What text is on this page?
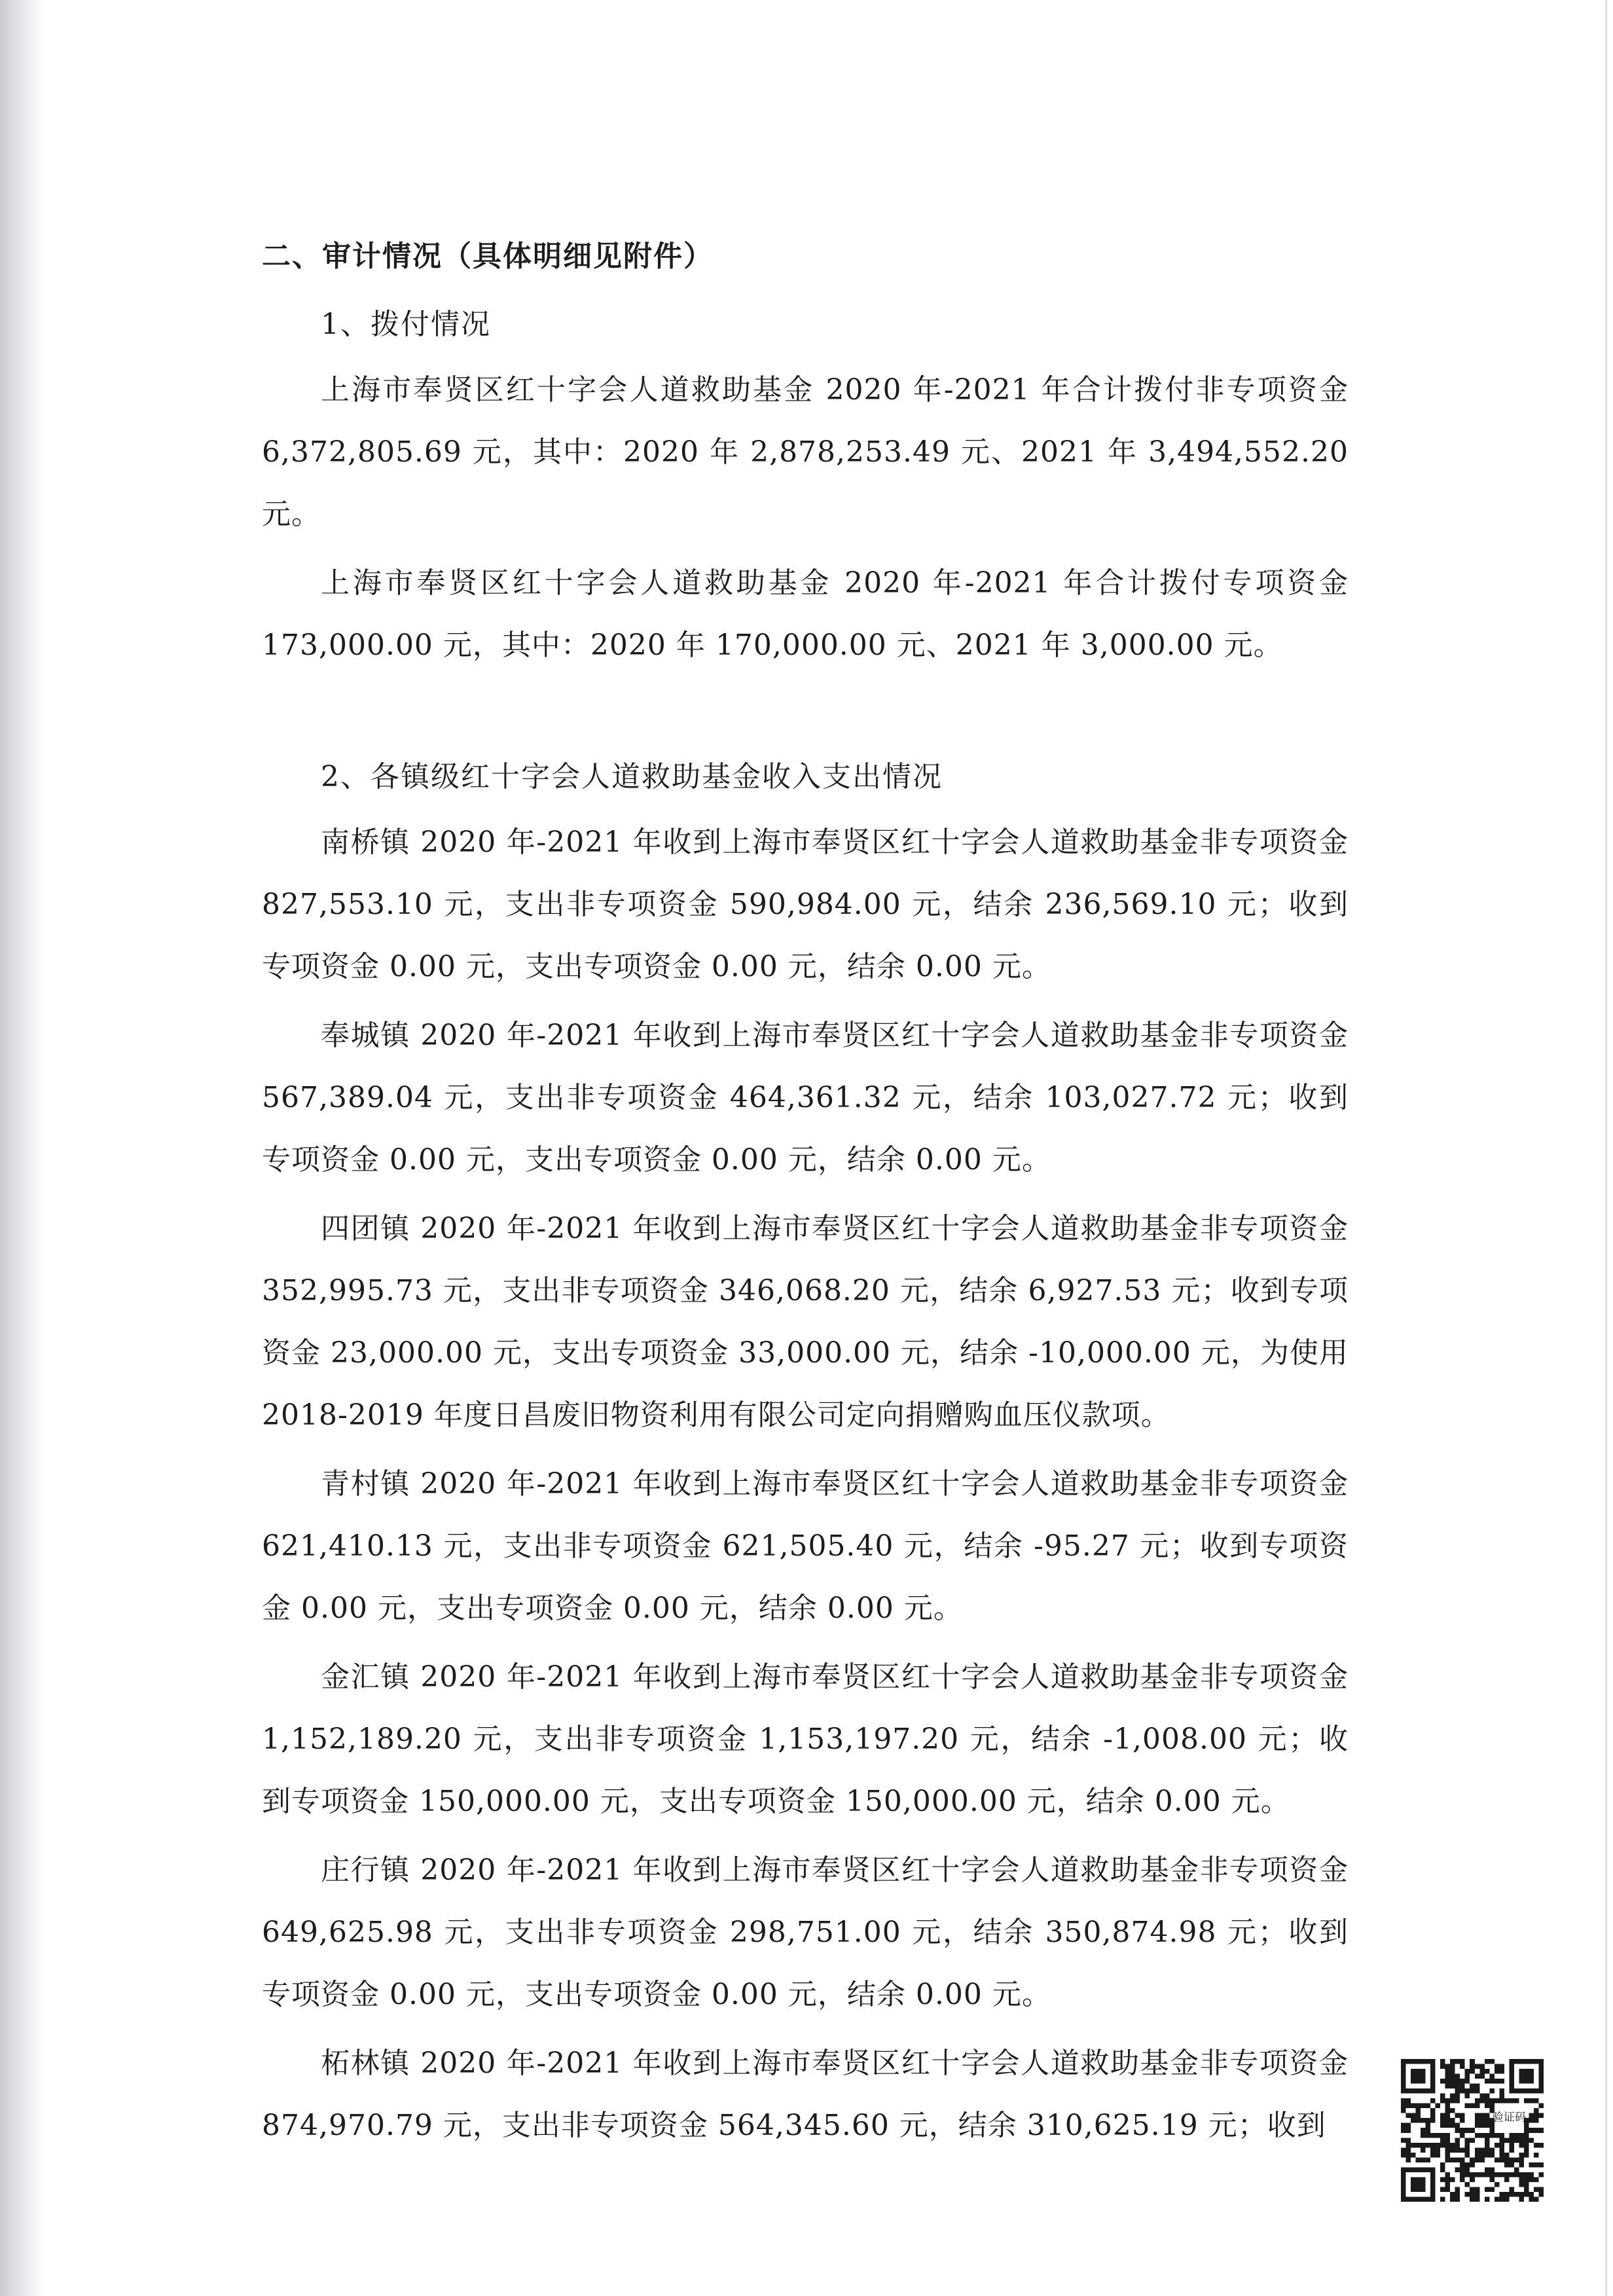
二、审计情况（具体明细见附件）

1、拨付情况

上海市奉贤区红十字会人道救助基金 2020 年-2021 年合计拨付非专项资金 6,372,805.69 元，其中：2020 年 2,878,253.49 元、2021 年 3,494,552.20 元。

上海市奉贤区红十字会人道救助基金 2020 年-2021 年合计拨付专项资金 173,000.00 元，其中：2020 年 170,000.00 元、2021 年 3,000.00 元。

2、各镇级红十字会人道救助基金收入支出情况

南桥镇 2020 年-2021 年收到上海市奉贤区红十字会人道救助基金非专项资金 827,553.10 元，支出非专项资金 590,984.00 元，结余 236,569.10 元；收到专项资金 0.00 元，支出专项资金 0.00 元，结余 0.00 元。

奉城镇 2020 年-2021 年收到上海市奉贤区红十字会人道救助基金非专项资金 567,389.04 元，支出非专项资金 464,361.32 元，结余 103,027.72 元；收到专项资金 0.00 元，支出专项资金 0.00 元，结余 0.00 元。

四团镇 2020 年-2021 年收到上海市奉贤区红十字会人道救助基金非专项资金 352,995.73 元，支出非专项资金 346,068.20 元，结余 6,927.53 元；收到专项资金 23,000.00 元，支出专项资金 33,000.00 元，结余 -10,000.00 元，为使用 2018-2019 年度日昌废旧物资利用有限公司定向捐赠购血压仪款项。

青村镇 2020 年-2021 年收到上海市奉贤区红十字会人道救助基金非专项资金 621,410.13 元，支出非专项资金 621,505.40 元，结余 -95.27 元；收到专项资金 0.00 元，支出专项资金 0.00 元，结余 0.00 元。

金汇镇 2020 年-2021 年收到上海市奉贤区红十字会人道救助基金非专项资金 1,152,189.20 元，支出非专项资金 1,153,197.20 元，结余 -1,008.00 元；收到专项资金 150,000.00 元，支出专项资金 150,000.00 元，结余 0.00 元。

庄行镇 2020 年-2021 年收到上海市奉贤区红十字会人道救助基金非专项资金 649,625.98 元，支出非专项资金 298,751.00 元，结余 350,874.98 元；收到专项资金 0.00 元，支出专项资金 0.00 元，结余 0.00 元。

柘林镇 2020 年-2021 年收到上海市奉贤区红十字会人道救助基金非专项资金 874,970.79 元，支出非专项资金 564,345.60 元，结余 310,625.19 元；收到	验证码
